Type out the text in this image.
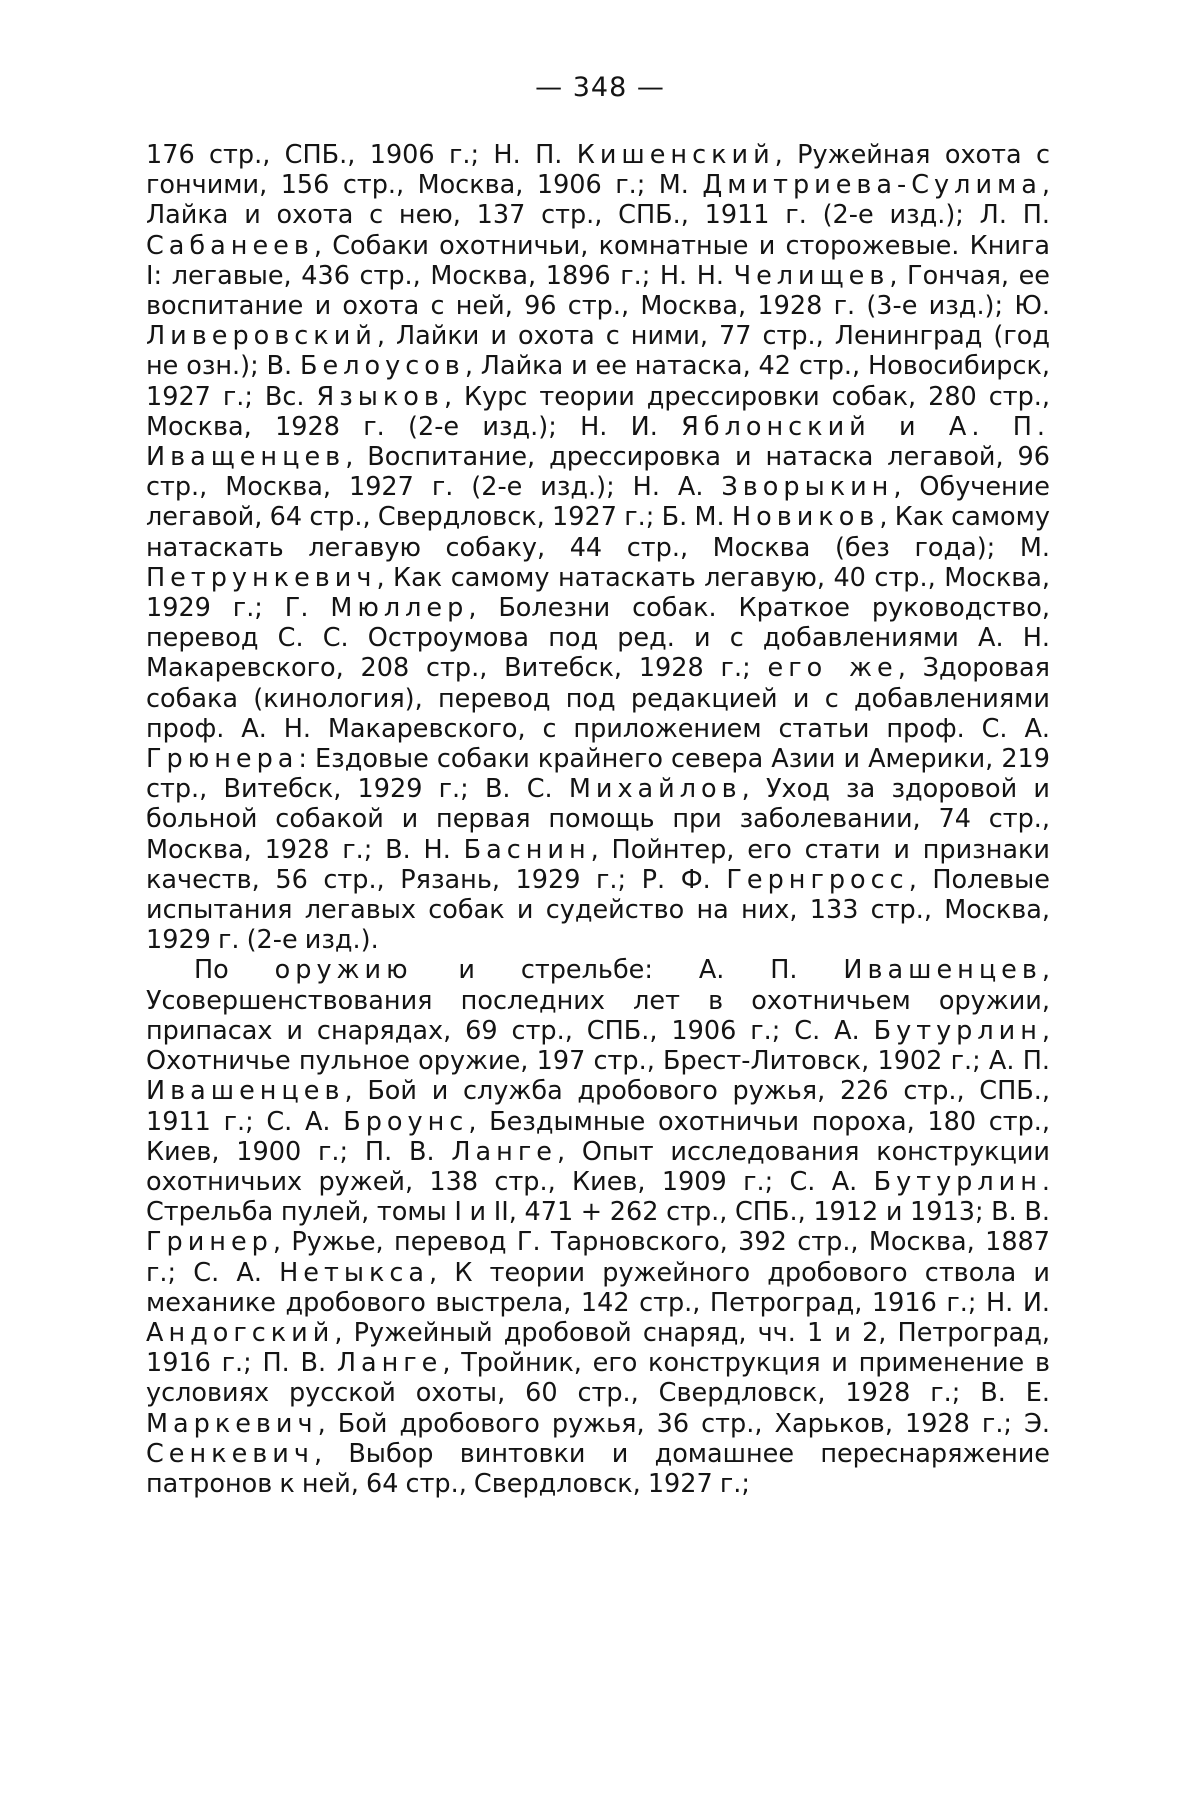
— 348 —

176 стр., СПБ., 1906 г.; Н. П. Кишенский, Ружейная охота с гончими, 156 стр., Москва, 1906 г.; М. Дмитриева-Сулима, Лайка и охота с нею, 137 стр., СПБ., 1911 г. (2-е изд.); Л. П. Сабанеев, Собаки охотничьи, комнатные и сторожевые. Книга I: легавые, 436 стр., Москва, 1896 г.; Н. Н. Челищев, Гончая, ее воспитание и охота с ней, 96 стр., Москва, 1928 г. (3-е изд.); Ю. Ливеровский, Лайки и охота с ними, 77 стр., Ленинград (год не озн.); В. Белоусов, Лайка и ее натаска, 42 стр., Новосибирск, 1927 г.; Вс. Языков, Курс теории дрессировки собак, 280 стр., Москва, 1928 г. (2-е изд.); Н. И. Яблонский и А. П. Иващенцев, Воспитание, дрессировка и натаска легавой, 96 стр., Москва, 1927 г. (2-е изд.); Н. А. Зворыкин, Обучение легавой, 64 стр., Свердловск, 1927 г.; Б. М. Новиков, Как самому натаскать легавую собаку, 44 стр., Москва (без года); М. Петрункевич, Как самому натаскать легавую, 40 стр., Москва, 1929 г.; Г. Мюллер, Болезни собак. Краткое руководство, перевод С. С. Остроумова под ред. и с добавлениями А. Н. Макаревского, 208 стр., Витебск, 1928 г.; его же, Здоровая собака (кинология), перевод под редакцией и с добавлениями проф. А. Н. Макаревского, с приложением статьи проф. С. А. Грюнера: Ездовые собаки крайнего севера Азии и Америки, 219 стр., Витебск, 1929 г.; В. С. Михайлов, Уход за здоровой и больной собакой и первая помощь при заболевании, 74 стр., Москва, 1928 г.; В. Н. Баснин, Пойнтер, его стати и признаки качеств, 56 стр., Рязань, 1929 г.; Р. Ф. Гернгросс, Полевые испытания легавых собак и судейство на них, 133 стр., Москва, 1929 г. (2-е изд.).

По оружию и стрельбе: А. П. Ивашенцев, Усовершенствования последних лет в охотничьем оружии, припасах и снарядах, 69 стр., СПБ., 1906 г.; С. А. Бутурлин, Охотничье пульное оружие, 197 стр., Брест-Литовск, 1902 г.; А. П. Ивашенцев, Бой и служба дробового ружья, 226 стр., СПБ., 1911 г.; С. А. Броунс, Бездымные охотничьи пороха, 180 стр., Киев, 1900 г.; П. В. Ланге, Опыт исследования конструкции охотничьих ружей, 138 стр., Киев, 1909 г.; С. А. Бутурлин. Стрельба пулей, томы I и II, 471 + 262 стр., СПБ., 1912 и 1913; В. В. Гринер, Ружье, перевод Г. Тарновского, 392 стр., Москва, 1887 г.; С. А. Нетыкса, К теории ружейного дробового ствола и механике дробового выстрела, 142 стр., Петроград, 1916 г.; Н. И. Андогский, Ружейный дробовой снаряд, чч. 1 и 2, Петроград, 1916 г.; П. В. Ланге, Тройник, его конструкция и применение в условиях русской охоты, 60 стр., Свердловск, 1928 г.; В. Е. Маркевич, Бой дробового ружья, 36 стр., Харьков, 1928 г.; Э. Сенкевич, Выбор винтовки и домашнее переснаряжение патронов к ней, 64 стр., Свердловск, 1927 г.;
